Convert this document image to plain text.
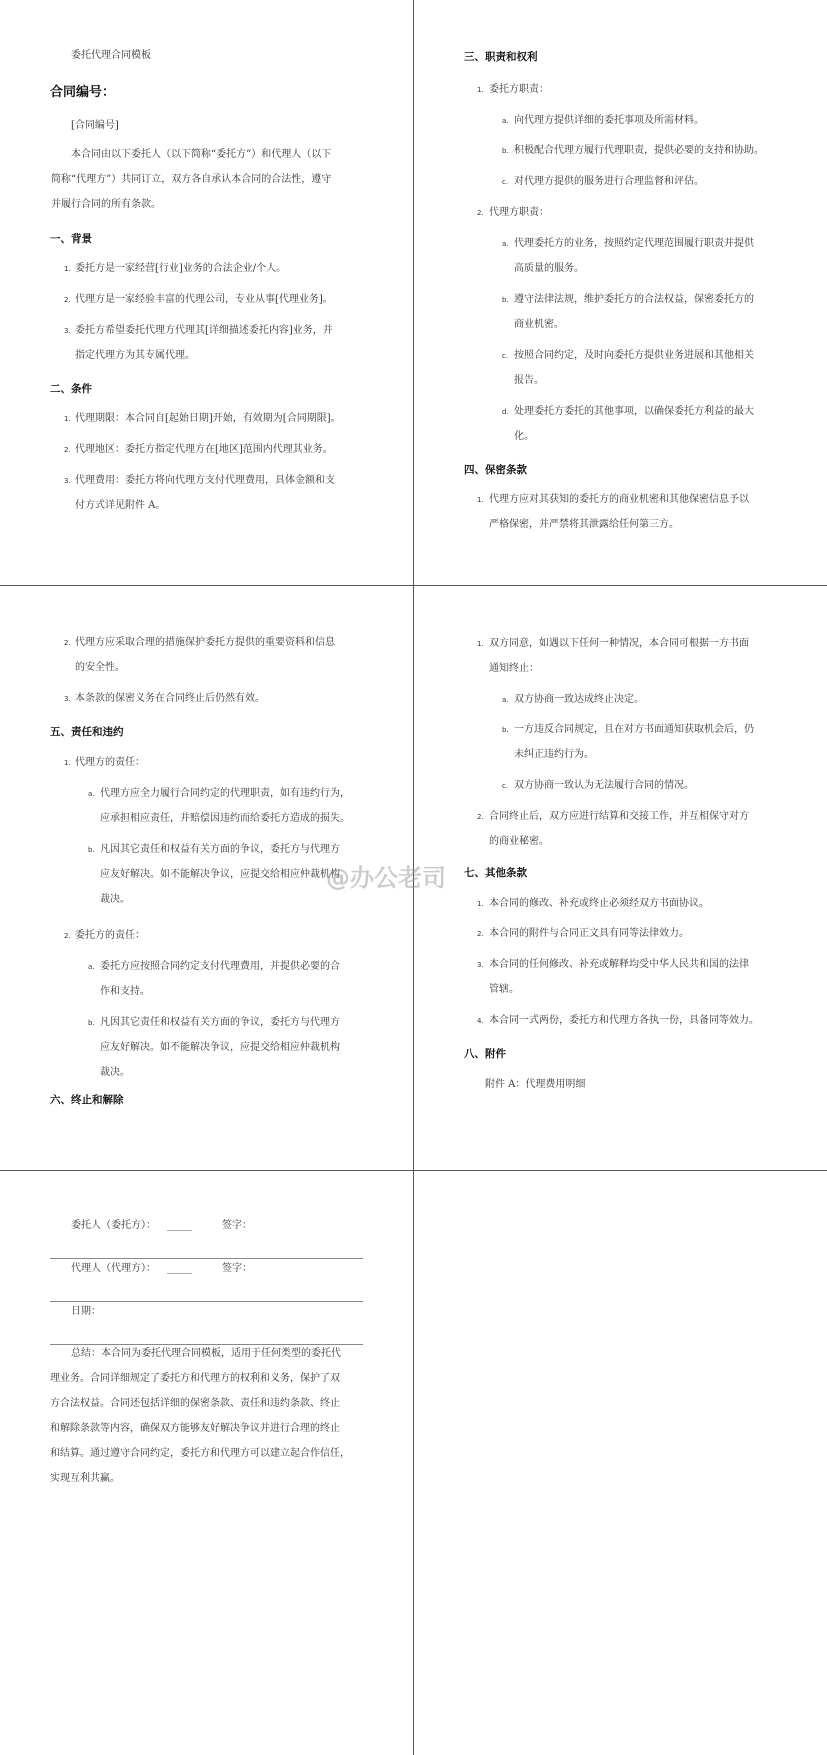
委托代理合同模板
合同编号：
[合同编号]
本合同由以下委托人（以下简称“委托方”）和代理人（以下
简称“代理方”）共同订立，双方各自承认本合同的合法性，遵守
并履行合同的所有条款。
一、背景
1. 委托方是一家经营[行业]业务的合法企业/个人。
2. 代理方是一家经验丰富的代理公司，专业从事[代理业务]。
3. 委托方希望委托代理方代理其[详细描述委托内容]业务，并
指定代理方为其专属代理。
二、条件
1. 代理期限：本合同自[起始日期]开始，有效期为[合同期限]。
2. 代理地区：委托方指定代理方在[地区]范围内代理其业务。
3. 代理费用：委托方将向代理方支付代理费用，具体金额和支
付方式详见附件 A。
三、职责和权利
1. 委托方职责：
a. 向代理方提供详细的委托事项及所需材料。
b. 积极配合代理方履行代理职责，提供必要的支持和协助。
c. 对代理方提供的服务进行合理监督和评估。
2. 代理方职责：
a. 代理委托方的业务，按照约定代理范围履行职责并提供
高质量的服务。
b. 遵守法律法规，维护委托方的合法权益，保密委托方的
商业机密。
c. 按照合同约定，及时向委托方提供业务进展和其他相关
报告。
d. 处理委托方委托的其他事项，以确保委托方利益的最大
化。
四、保密条款
1. 代理方应对其获知的委托方的商业机密和其他保密信息予以
严格保密，并严禁将其泄露给任何第三方。
2. 代理方应采取合理的措施保护委托方提供的重要资料和信息
的安全性。
3. 本条款的保密义务在合同终止后仍然有效。
五、责任和违约
1. 代理方的责任：
a. 代理方应全力履行合同约定的代理职责，如有违约行为，
应承担相应责任，并赔偿因违约而给委托方造成的损失。
b. 凡因其它责任和权益有关方面的争议，委托方与代理方
应友好解决。如不能解决争议，应提交给相应仲裁机构
裁决。
2. 委托方的责任：
a. 委托方应按照合同约定支付代理费用，并提供必要的合
作和支持。
b. 凡因其它责任和权益有关方面的争议，委托方与代理方
应友好解决。如不能解决争议，应提交给相应仲裁机构
裁决。
六、终止和解除
1. 双方同意，如遇以下任何一种情况，本合同可根据一方书面
通知终止：
a. 双方协商一致达成终止决定。
b. 一方违反合同规定，且在对方书面通知获取机会后，仍
未纠正违约行为。
c. 双方协商一致认为无法履行合同的情况。
2. 合同终止后，双方应进行结算和交接工作，并互相保守对方
的商业秘密。
七、其他条款
1. 本合同的修改、补充或终止必须经双方书面协议。
2. 本合同的附件与合同正文具有同等法律效力。
3. 本合同的任何修改、补充或解释均受中华人民共和国的法律
管辖。
4. 本合同一式两份，委托方和代理方各执一份，具备同等效力。
八、附件
附件 A：代理费用明细
委托人（委托方）： _____	签字：
代理人（代理方）： _____	签字：
日期：
总结：本合同为委托代理合同模板，适用于任何类型的委托代
理业务。合同详细规定了委托方和代理方的权利和义务，保护了双
方合法权益。合同还包括详细的保密条款、责任和违约条款、终止
和解除条款等内容，确保双方能够友好解决争议并进行合理的终止
和结算。通过遵守合同约定，委托方和代理方可以建立起合作信任，
实现互利共赢。
@办公老司
